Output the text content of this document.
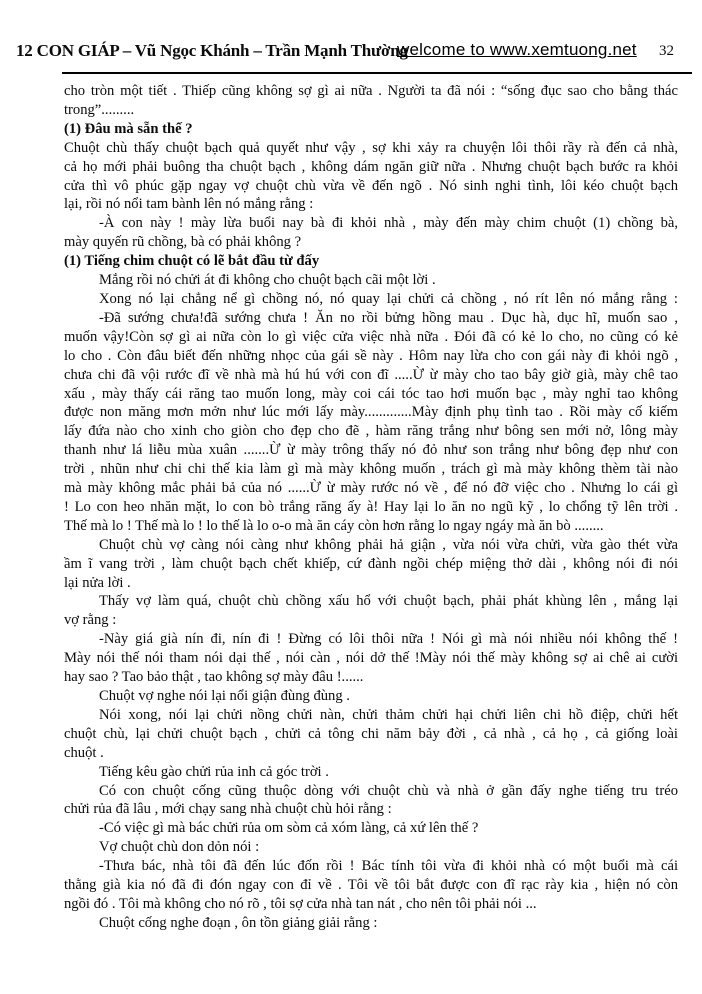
12 CON GIÁP – Vũ Ngọc Khánh – Trần Mạnh Thường
welcome to www.xemtuong.net 32
cho tròn một tiết . Thiếp cũng không sợ gì ai nữa . Người ta đã nói : “sống đục sao cho bằng thác
trong”.........
(1) Đâu mà sẵn thế ?
Chuột chù thấy chuột bạch quả quyết như vậy , sợ khi xảy ra chuyện lôi thôi rầy rà đến cả nhà,
cả họ mới phải buông tha chuột bạch , không dám ngăn giữ nữa . Nhưng chuột bạch bước ra khỏi
cửa thì vô phúc gặp ngay vợ chuột chù vừa về đến ngõ . Nó sinh nghi tình, lôi kéo chuột bạch
lại, rồi nó nổi tam bành lên nó mắng rằng :
-À con này ! mày lừa buổi nay bà đi khỏi nhà , mày đến mày chim chuột (1) chồng bà,
mày quyến rũ chồng, bà có phải không ?
(1) Tiếng chim chuột có lẽ bắt đầu từ đấy
Mắng rồi nó chửi át đi không cho chuột bạch cãi một lời .
Xong nó lại chẳng nể gì chồng nó, nó quay lại chửi cả chồng , nó rít lên nó mắng rằng :
-Đã sướng chưa!đã sướng chưa ! Ăn no rồi bửng hồng mau . Dục hà, dục hĩ, muốn sao ,
muốn vậy!Còn sợ gì ai nữa còn lo gì việc cửa việc nhà nữa . Đói đã có kẻ lo cho, no cũng có kẻ
lo cho . Còn đâu biết đến những nhọc của gái sề này . Hôm nay lừa cho con gái này đi khỏi ngõ ,
chưa chi đã vội rước đĩ về nhà mà hú hú với con đĩ .....Ừ ừ mày cho tao bây giờ già, mày chê tao
xấu , mày thấy cái răng tao muốn long, mày coi cái tóc tao hơi muốn bạc , mày nghỉ tao không
được non măng mơn mởn như lúc mới lấy mày.............Mày định phụ tình tao . Rồi mày cố kiếm
lấy đứa nào cho xinh cho giòn cho đẹp cho đẽ , hàm răng trắng như bông sen mới nở, lông mày
thanh như lá liễu mùa xuân .......Ừ ừ mày trông thấy nó đỏ như son trắng như bông đẹp như con
trời , nhũn như chi chi thế kia làm gì mà mày không muốn , trách gì mà mày không thèm tài nào
mà mày không mắc phải bả của nó ......Ừ ừ mày rước nó về , để nó đỡ việc cho . Nhưng lo cái gì
! Lo con heo nhăn mặt, lo con bò trắng răng ấy à! Hay lại lo ăn no ngũ kỹ , lo chổng tỹ lên trời .
Thế mà lo ! Thế mà lo ! lo thế là lo o-o mà ăn cáy còn hơn rằng lo ngay ngáy mà ăn bò ........
Chuột chù vợ càng nói càng như không phải hả giận , vừa nói vừa chửi, vừa gào thét vừa
ầm ĩ vang trời , làm chuột bạch chết khiếp, cứ đành ngồi chép miệng thở dài , không nói đi nói
lại nửa lời .
Thấy vợ làm quá, chuột chù chồng xấu hổ với chuột bạch, phải phát khùng lên , mắng lại
vợ rằng :
-Này giá già nín đi, nín đi ! Đừng có lôi thôi nữa ! Nói gì mà nói nhiều nói không thế !
Mày nói thế nói tham nói dại thế , nói càn , nói dở thế !Mày nói thế mày không sợ ai chê ai cười
hay sao ? Tao bảo thật , tao không sợ mày đâu !......
Chuột vợ nghe nói lại nổi giận đùng đùng .
Nói xong, nói lại chửi nồng chửi nàn, chửi thảm chửi hại chửi liên chi hồ điệp, chửi hết
chuột chù, lại chửi chuột bạch , chửi cả tông chi năm bảy đời , cả nhà , cả họ , cả giống loài
chuột .
Tiếng kêu gào chửi rủa inh cả góc trời .
Có con chuột cống cũng thuộc dòng với chuột chù và nhà ở gần đấy nghe tiếng tru tréo
chửi rủa đã lâu , mới chạy sang nhà chuột chù hỏi rằng :
-Có việc gì mà bác chửi rủa om sòm cả xóm làng, cả xứ lên thế ?
Vợ chuột chù don dỏn nói :
-Thưa bác, nhà tôi đã đến lúc đốn rồi ! Bác tính tôi vừa đi khỏi nhà có một buổi mà cái
thằng già kia nó đã đi đón ngay con đỉ về . Tôi về tôi bắt được con đĩ rạc rày kia , hiện nó còn
ngồi đó . Tôi mà không cho nó rõ , tôi sợ cửa nhà tan nát , cho nên tôi phải nói ...
Chuột cống nghe đoạn , ôn tồn giảng giải rằng :
